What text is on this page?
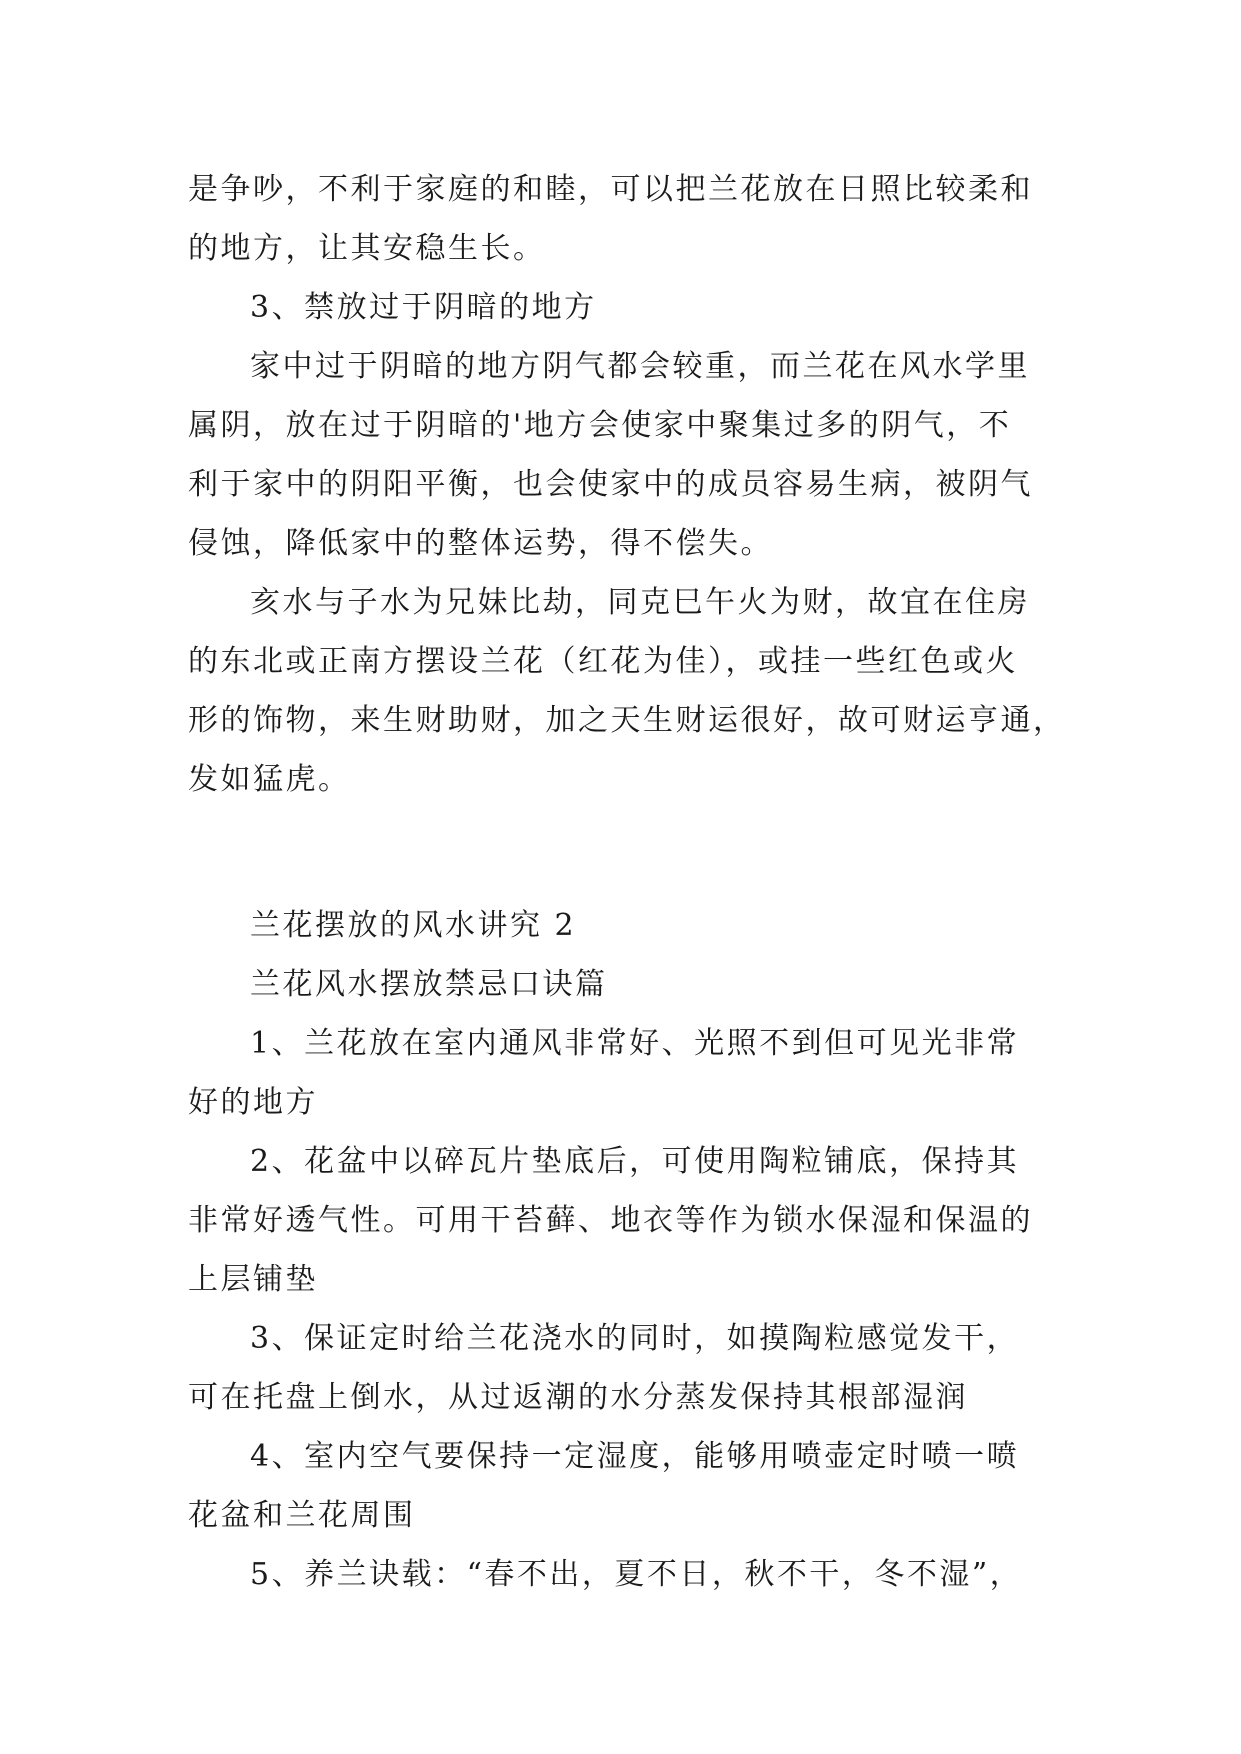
是争吵，不利于家庭的和睦，可以把兰花放在日照比较柔和
的地方，让其安稳生长。
3、禁放过于阴暗的地方
家中过于阴暗的地方阴气都会较重，而兰花在风水学里
属阴，放在过于阴暗的'地方会使家中聚集过多的阴气，不
利于家中的阴阳平衡，也会使家中的成员容易生病，被阴气
侵蚀，降低家中的整体运势，得不偿失。
亥水与子水为兄妹比劫，同克巳午火为财，故宜在住房
的东北或正南方摆设兰花（红花为佳），或挂一些红色或火
形的饰物，来生财助财，加之天生财运很好，故可财运亨通，
发如猛虎。
兰花摆放的风水讲究 2
兰花风水摆放禁忌口诀篇
1、兰花放在室内通风非常好、光照不到但可见光非常
好的地方
2、花盆中以碎瓦片垫底后，可使用陶粒铺底，保持其
非常好透气性。可用干苔藓、地衣等作为锁水保湿和保温的
上层铺垫
3、保证定时给兰花浇水的同时，如摸陶粒感觉发干，
可在托盘上倒水，从过返潮的水分蒸发保持其根部湿润
4、室内空气要保持一定湿度，能够用喷壶定时喷一喷
花盆和兰花周围
5、养兰诀载：“春不出，夏不日，秋不干，冬不湿”，
